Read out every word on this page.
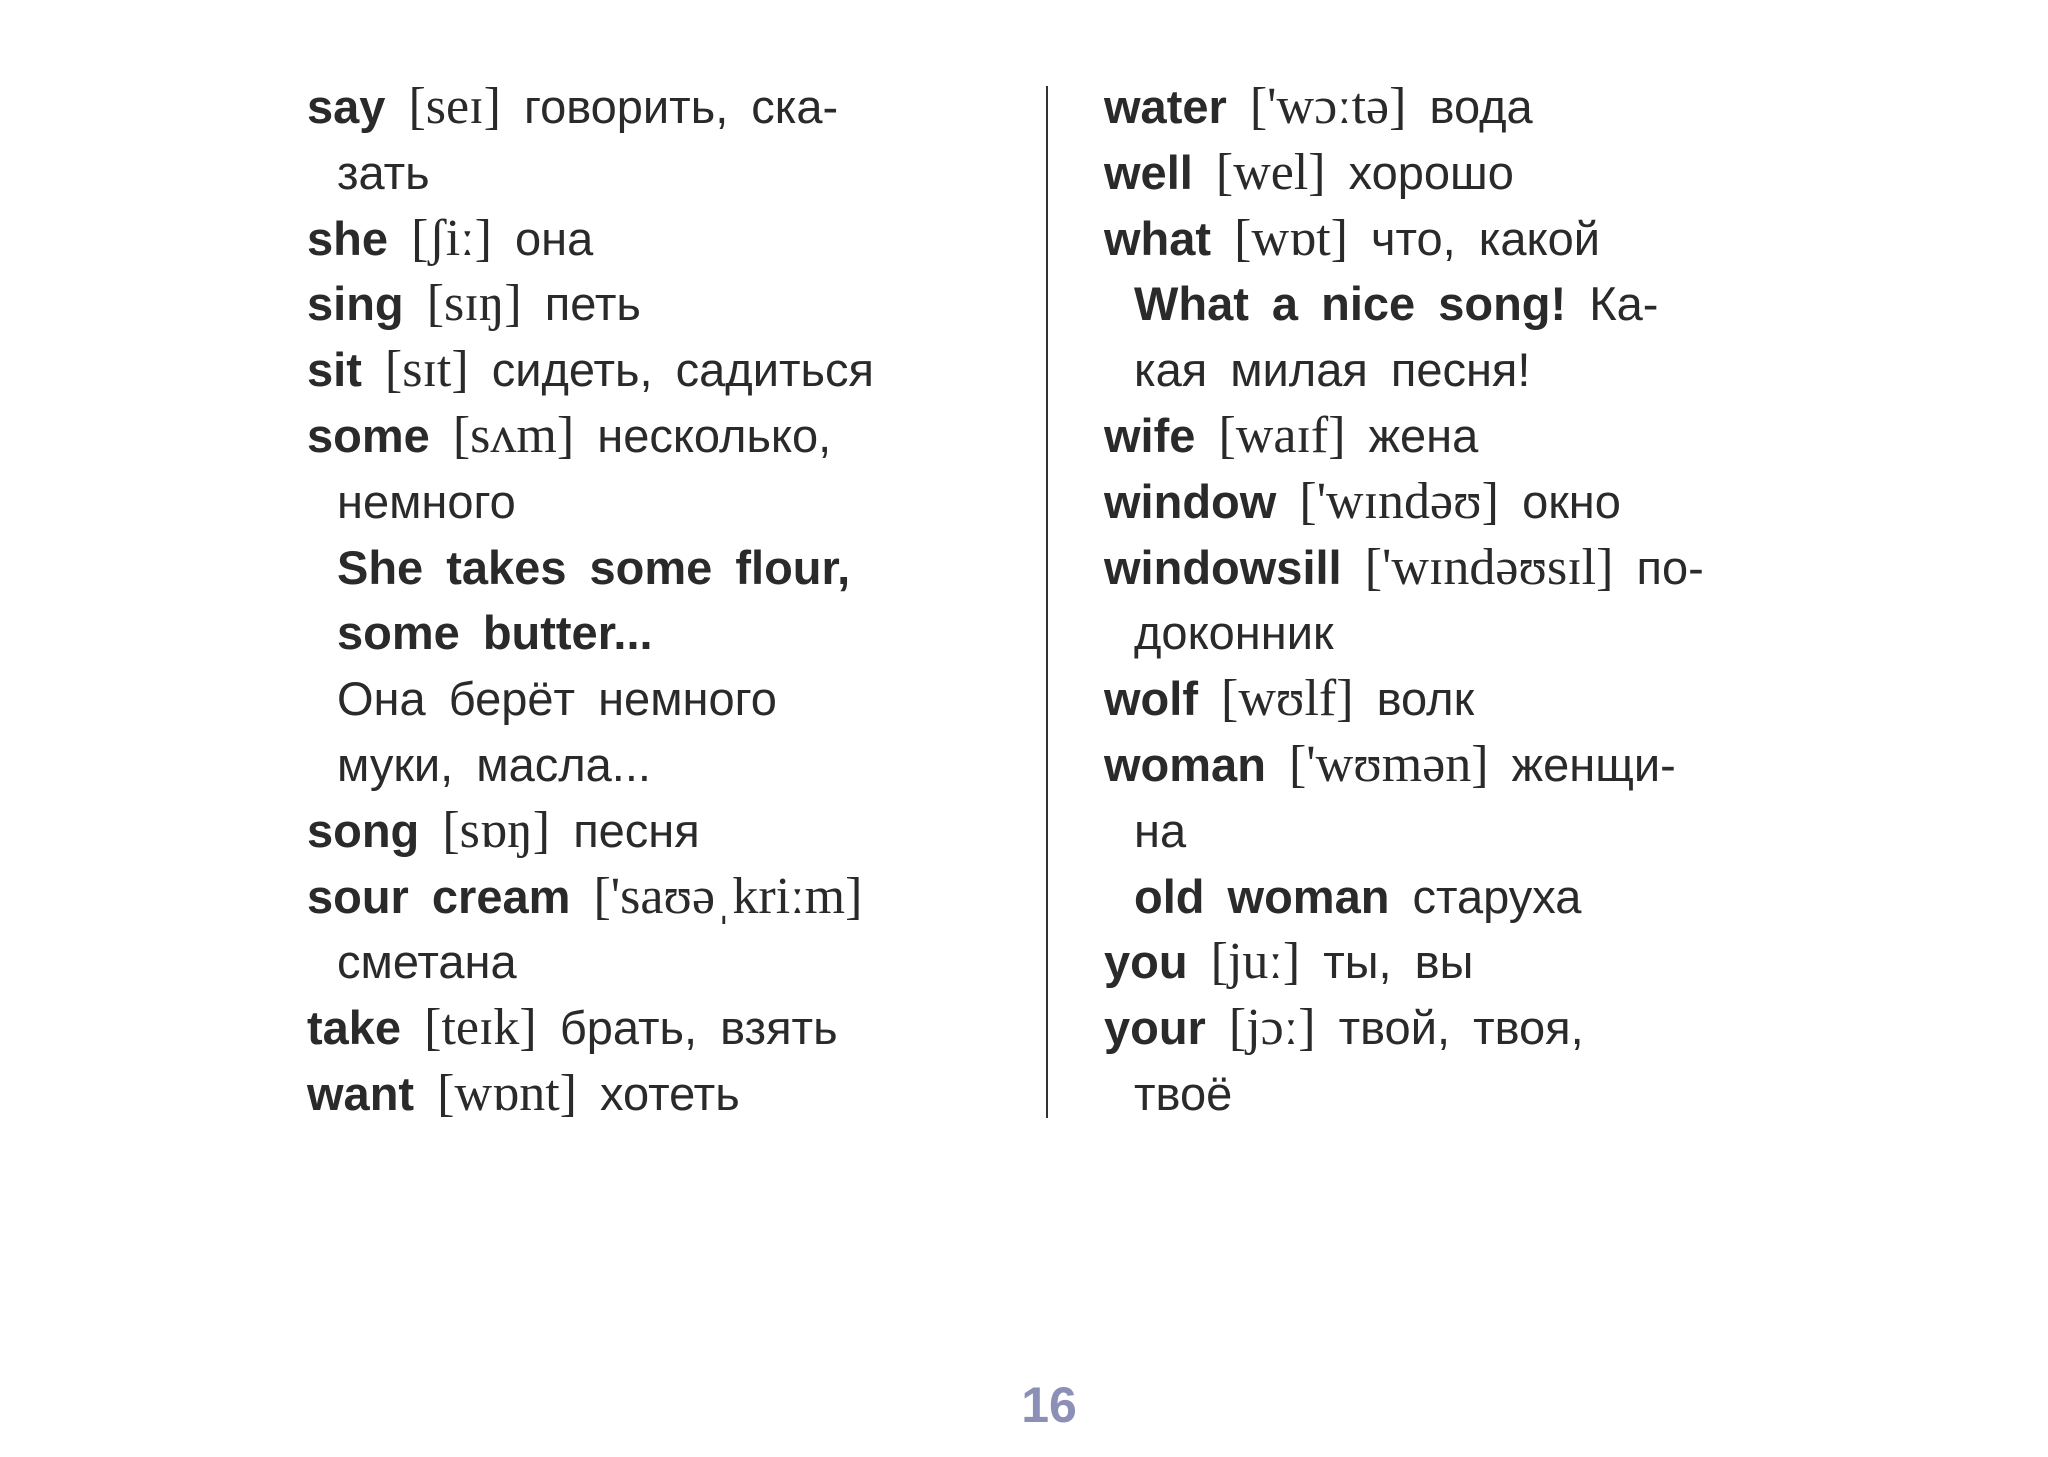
say [seɪ] говорить, ска-
зать
she [ʃiː] она
sing [sɪŋ] петь
sit [sɪt] сидеть, садиться
some [sʌm] несколько,
немного
She takes some flour,
some butter...
Она берёт немного
муки, масла...
song [sɒŋ] песня
sour cream ['saʊəˌkriːm]
сметана
take [teɪk] брать, взять
want [wɒnt] хотеть
water ['wɔːtə] вода
well [wel] хорошо
what [wɒt] что, какой
What a nice song! Ка-
кая милая песня!
wife [waɪf] жена
window ['wɪndəʊ] окно
windowsill ['wɪndəʊsɪl] по-
доконник
wolf [wʊlf] волк
woman ['wʊmən] женщи-
на
old woman старуха
you [juː] ты, вы
your [jɔː] твой, твоя,
твоё
16
